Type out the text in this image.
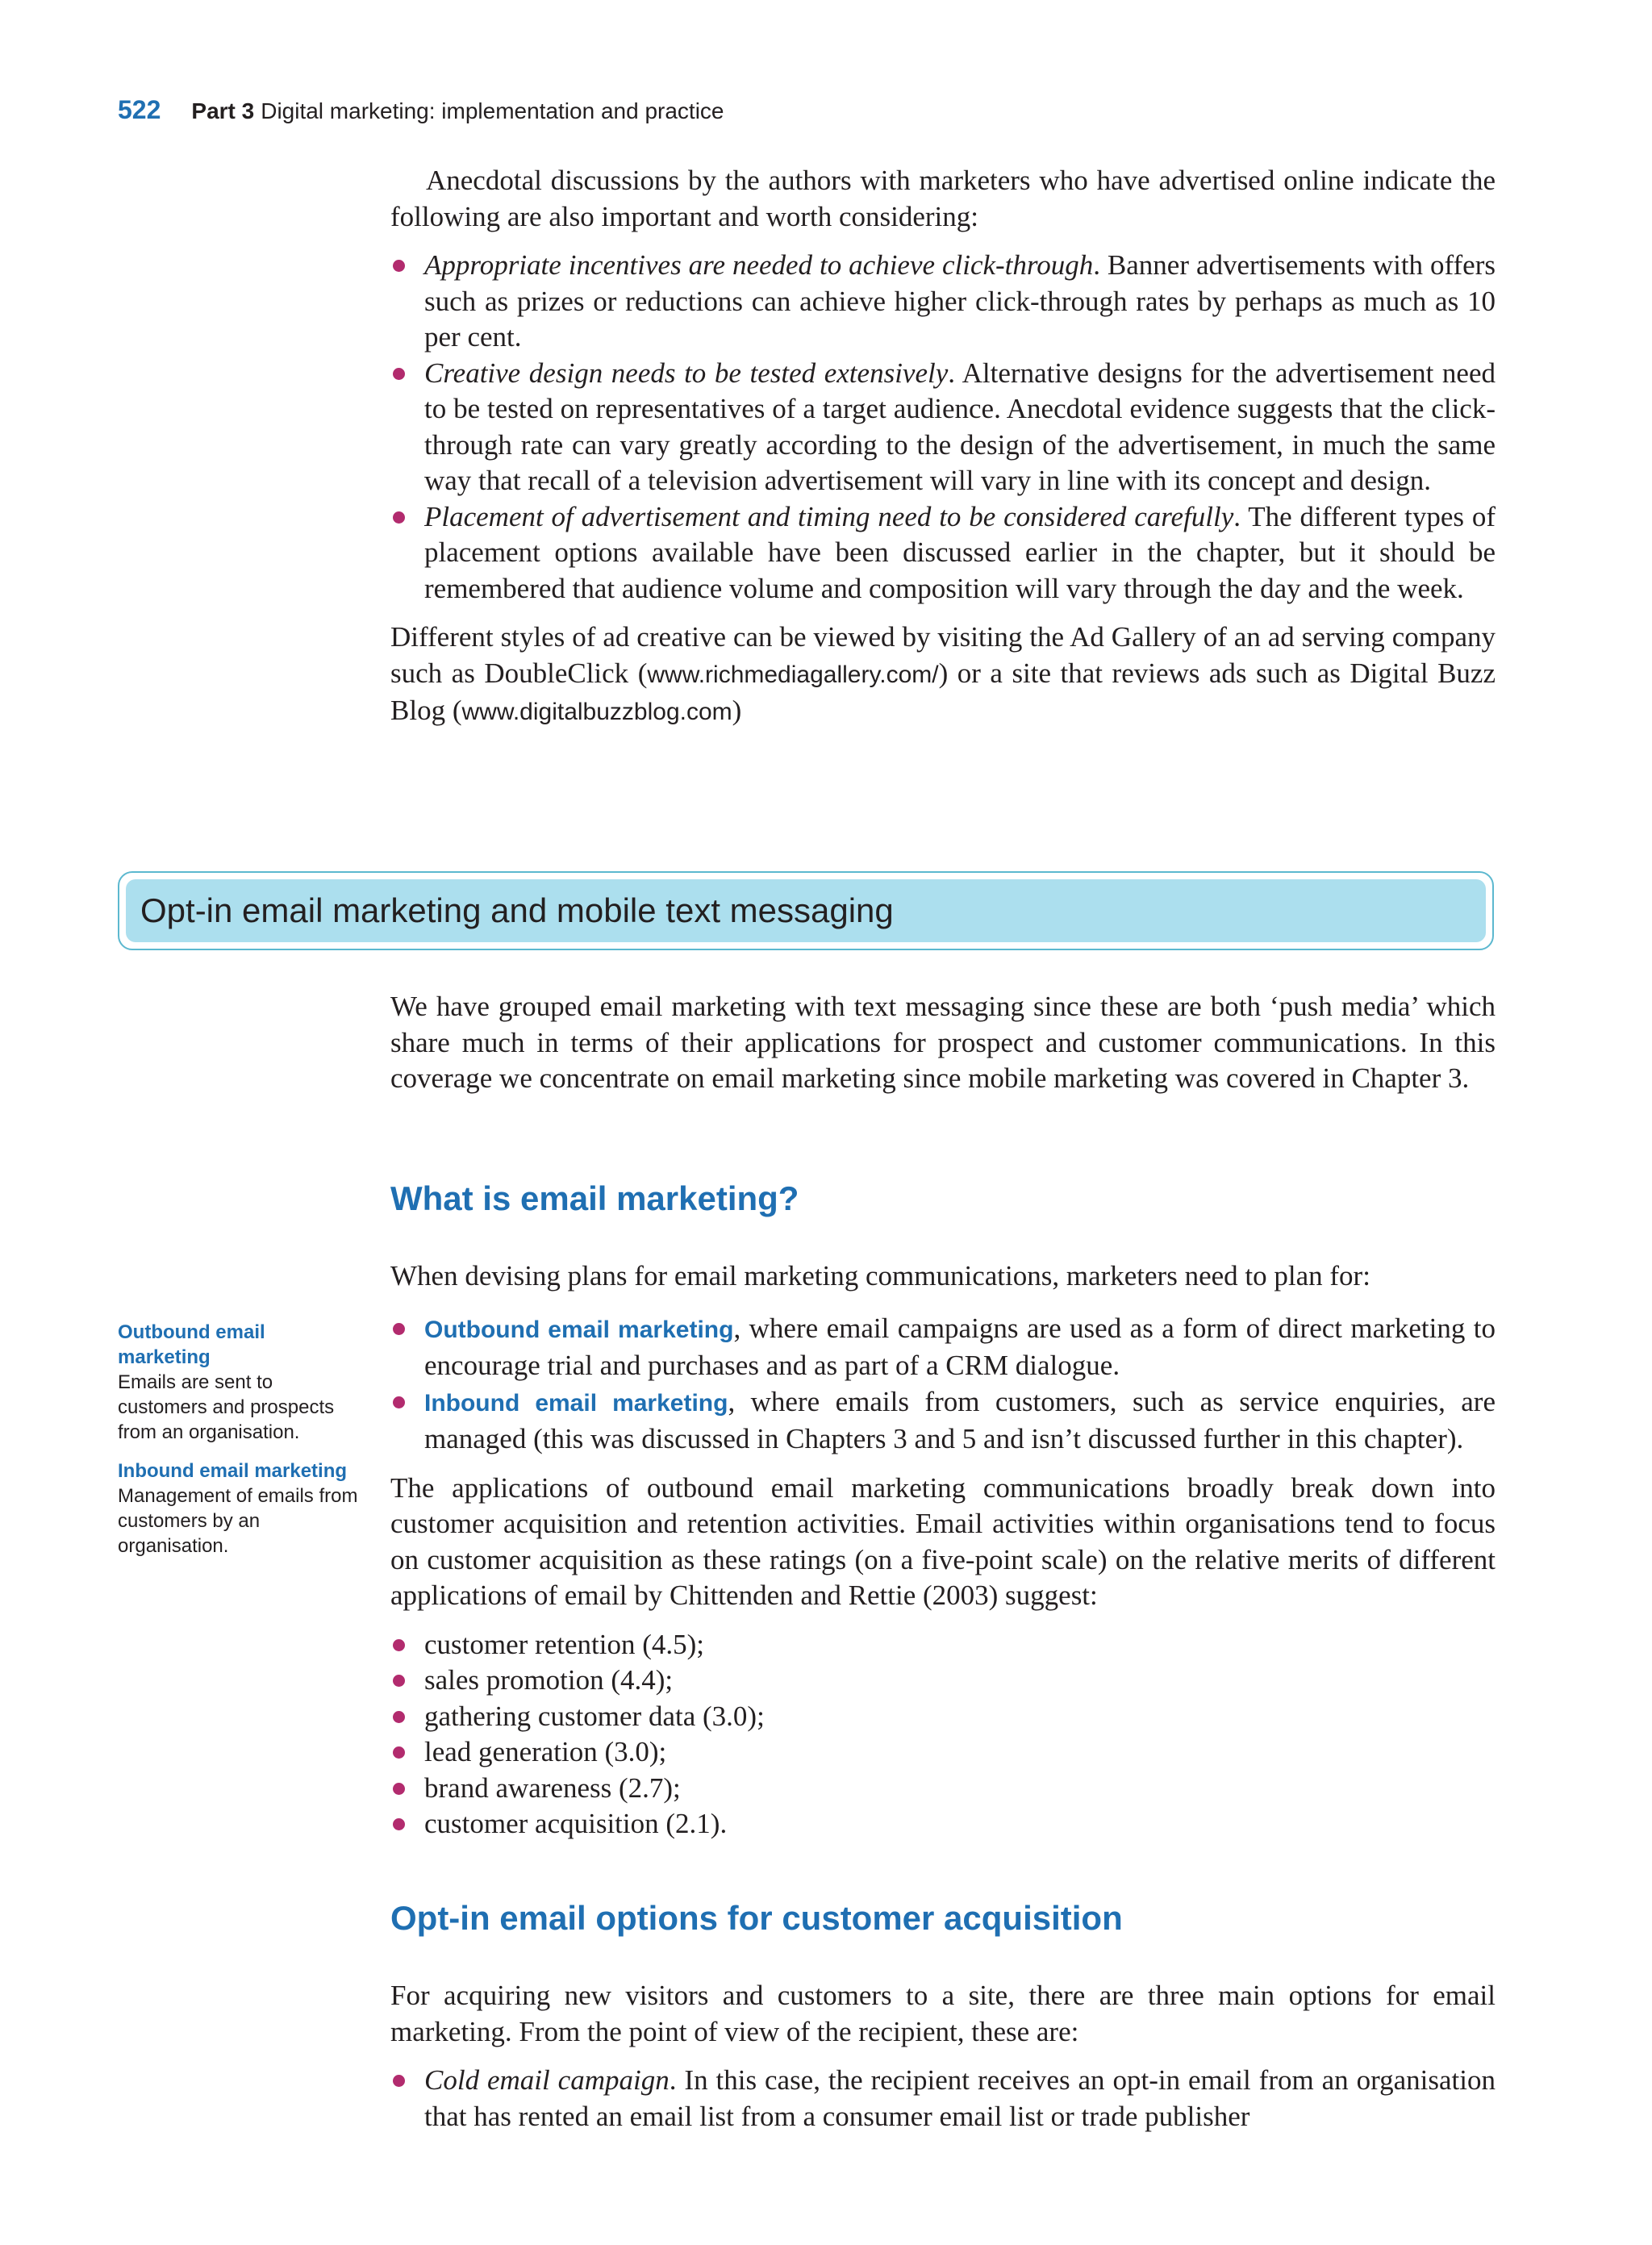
522 Part 3 Digital marketing: implementation and practice

Anecdotal discussions by the authors with marketers who have advertised online indicate the following are also important and worth considering:

Appropriate incentives are needed to achieve click-through. Banner advertisements with offers such as prizes or reductions can achieve higher click-through rates by perhaps as much as 10 per cent.
Creative design needs to be tested extensively. Alternative designs for the advertisement need to be tested on representatives of a target audience. Anecdotal evidence suggests that the click-through rate can vary greatly according to the design of the advertisement, in much the same way that recall of a television advertisement will vary in line with its concept and design.
Placement of advertisement and timing need to be considered carefully. The different types of placement options available have been discussed earlier in the chapter, but it should be remembered that audience volume and composition will vary through the day and the week.

Different styles of ad creative can be viewed by visiting the Ad Gallery of an ad serving company such as DoubleClick (www.richmediagallery.com/) or a site that reviews ads such as Digital Buzz Blog (www.digitalbuzzblog.com)

Opt-in email marketing and mobile text messaging

We have grouped email marketing with text messaging since these are both ‘push media’ which share much in terms of their applications for prospect and customer communications. In this coverage we concentrate on email marketing since mobile marketing was covered in Chapter 3.

What is email marketing?

When devising plans for email marketing communications, marketers need to plan for:

Outbound email marketing, where email campaigns are used as a form of direct marketing to encourage trial and purchases and as part of a CRM dialogue.
Inbound email marketing, where emails from customers, such as service enquiries, are managed (this was discussed in Chapters 3 and 5 and isn’t discussed further in this chapter).

The applications of outbound email marketing communications broadly break down into customer acquisition and retention activities. Email activities within organisations tend to focus on customer acquisition as these ratings (on a five-point scale) on the relative merits of different applications of email by Chittenden and Rettie (2003) suggest:

customer retention (4.5);
sales promotion (4.4);
gathering customer data (3.0);
lead generation (3.0);
brand awareness (2.7);
customer acquisition (2.1).
Outbound email marketing
Emails are sent to customers and prospects from an organisation.
Inbound email marketing
Management of emails from customers by an organisation.
Opt-in email options for customer acquisition

For acquiring new visitors and customers to a site, there are three main options for email marketing. From the point of view of the recipient, these are:

Cold email campaign. In this case, the recipient receives an opt-in email from an organisation that has rented an email list from a consumer email list or trade publisher
